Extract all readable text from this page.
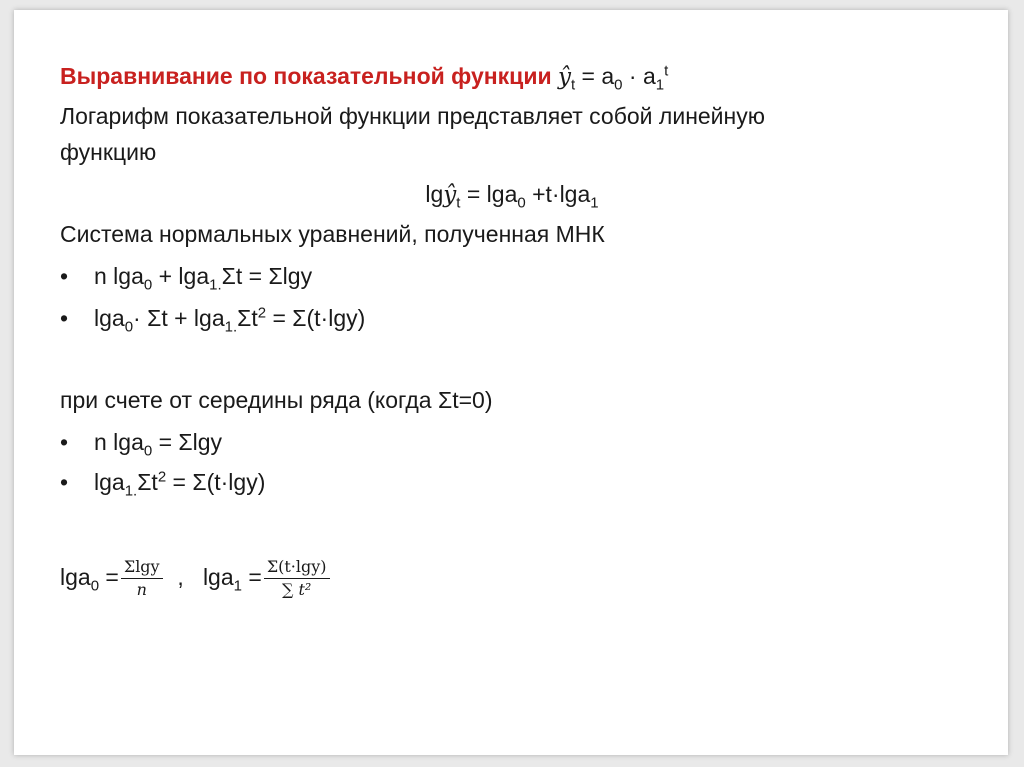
Выравнивание по показательной функции $ŷ_t = a_0 \cdot a_1^t$
Логарифм показательной функции представляет собой линейную
функцию
lgŷ$_t$ = lga$_0$ +t·lga$_1$
Система нормальных уравнений, полученная МНК
• n lga$_0$ + lga$_{1.}$Σt = Σlgy
• $\lg a_0\cdot \Sigma t + \lg a_{1.}\Sigma t^2 = \Sigma(t\cdot\lg y)$
при счете от середины ряда (когда Σt=0)
• n lga$_0$ = Σlgy
• $\lg a_{1.}\Sigma t^2 = \Sigma(t\cdot\lg y)$
$\lg a_0 = \frac{\Sigma\lg y}{n}$ ,   $\lg a_1 = \frac{\Sigma(t\cdot\lg y)}{\text{∑ t²}}$
